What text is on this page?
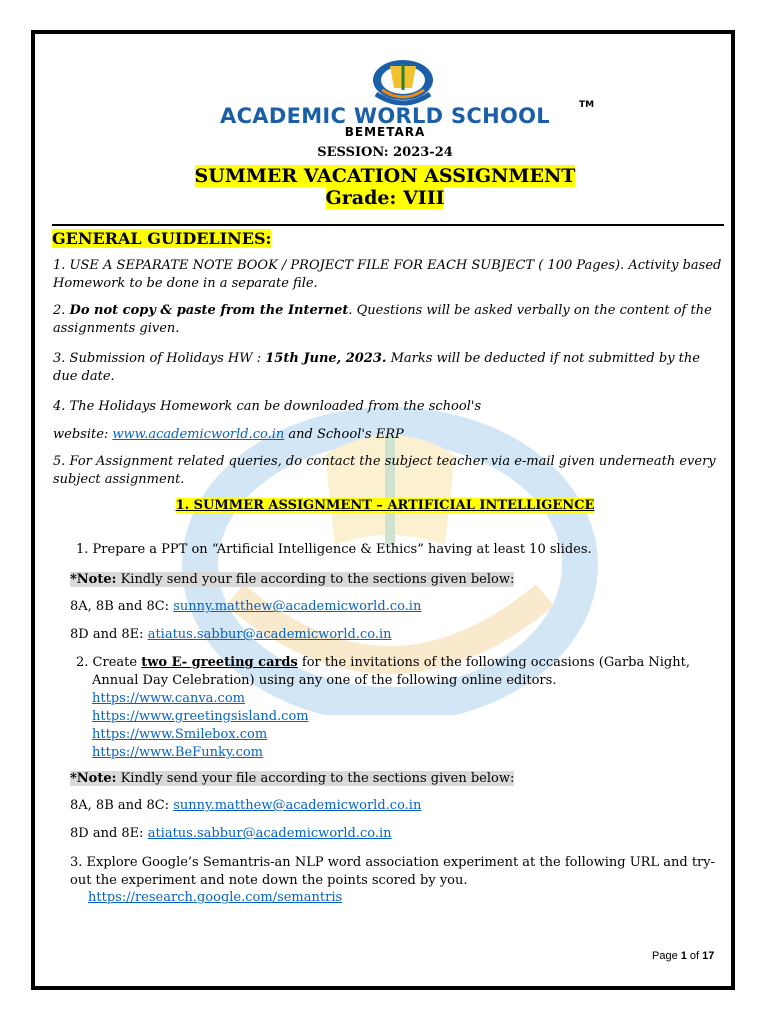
ACADEMIC WORLD SCHOOL	TM
BEMETARA
SESSION: 2023-24
SUMMER VACATION ASSIGNMENT
Grade: VIII
GENERAL GUIDELINES:
1. USE A SEPARATE NOTE BOOK / PROJECT FILE FOR EACH SUBJECT ( 100 Pages). Activity based Homework to be done in a separate file.
2. Do not copy & paste from the Internet. Questions will be asked verbally on the content of the assignments given.
3. Submission of Holidays HW : 15th June, 2023. Marks will be deducted if not submitted by the due date.
4. The Holidays Homework can be downloaded from the school's
website: www.academicworld.co.in and School's ERP
5. For Assignment related queries, do contact the subject teacher via e-mail given underneath every subject assignment.
1. SUMMER ASSIGNMENT – ARTIFICIAL INTELLIGENCE
1. Prepare a PPT on “Artificial Intelligence & Ethics” having at least 10 slides.
*Note: Kindly send your file according to the sections given below:
8A, 8B and 8C: sunny.matthew@academicworld.co.in
8D and 8E: atiatus.sabbur@academicworld.co.in
2. Create two E- greeting cards for the invitations of the following occasions (Garba Night,
Annual Day Celebration) using any one of the following online editors.
https://www.canva.com
https://www.greetingsisland.com
https://www.Smilebox.com
https://www.BeFunky.com
*Note: Kindly send your file according to the sections given below:
8A, 8B and 8C: sunny.matthew@academicworld.co.in
8D and 8E: atiatus.sabbur@academicworld.co.in
3. Explore Google’s Semantris-an NLP word association experiment at the following URL and try-out the experiment and note down the points scored by you.
https://research.google.com/semantris
Page 1 of 17
